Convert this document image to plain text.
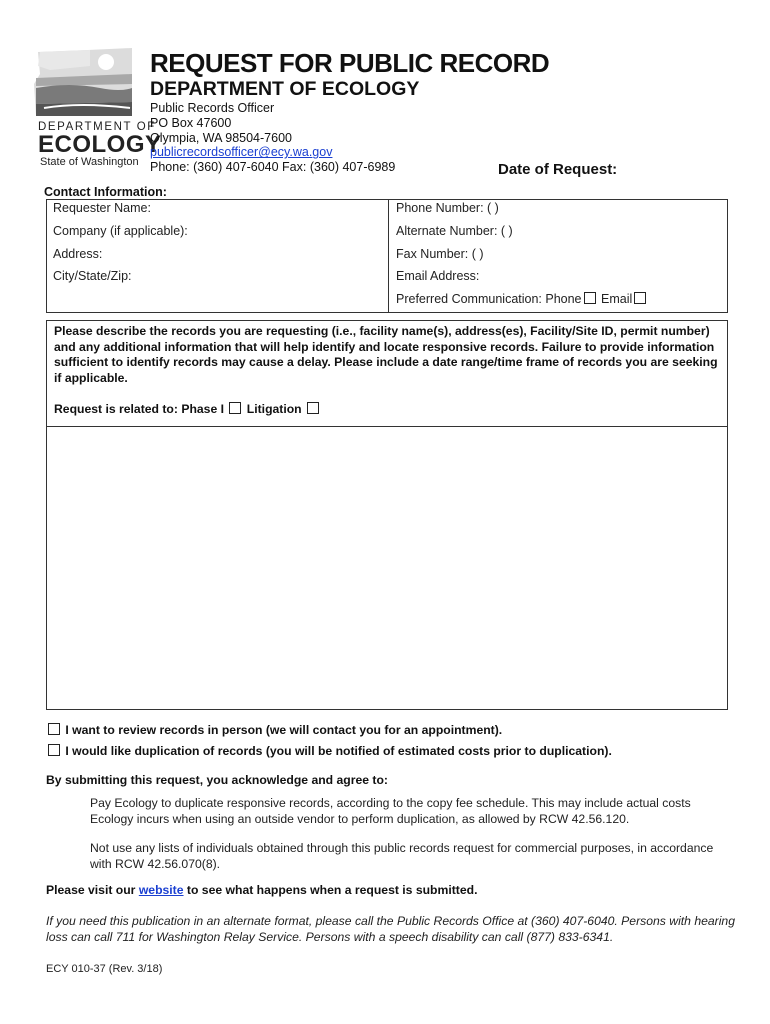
DEPARTMENT OF
ECOLOGY
State of Washington
REQUEST FOR PUBLIC RECORD
DEPARTMENT OF ECOLOGY
Public Records Officer
PO Box 47600
Olympia, WA 98504-7600
publicrecordsofficer@ecy.wa.gov
Phone: (360) 407-6040 Fax: (360) 407-6989	Date of Request:
Contact Information:
Requester Name:
Company (if applicable):
Address:
City/State/Zip:
Phone Number: ( )
Alternate Number: ( )
Fax Number: ( )
Email Address:
Preferred Communication: Phone Email
Please describe the records you are requesting (i.e., facility name(s), address(es), Facility/Site ID, permit number) and any additional information that will help identify and locate responsive records. Failure to provide information sufficient to identify records may cause a delay. Please include a date range/time frame of records you are seeking if applicable.
Request is related to: Phase I Litigation
I want to review records in person (we will contact you for an appointment).
I would like duplication of records (you will be notified of estimated costs prior to duplication).
By submitting this request, you acknowledge and agree to:
Pay Ecology to duplicate responsive records, according to the copy fee schedule. This may include actual costs Ecology incurs when using an outside vendor to perform duplication, as allowed by RCW 42.56.120.
Not use any lists of individuals obtained through this public records request for commercial purposes, in accordance with RCW 42.56.070(8).
Please visit our website to see what happens when a request is submitted.
If you need this publication in an alternate format, please call the Public Records Office at (360) 407-6040. Persons with hearing loss can call 711 for Washington Relay Service. Persons with a speech disability can call (877) 833-6341.
ECY 010-37 (Rev. 3/18)
